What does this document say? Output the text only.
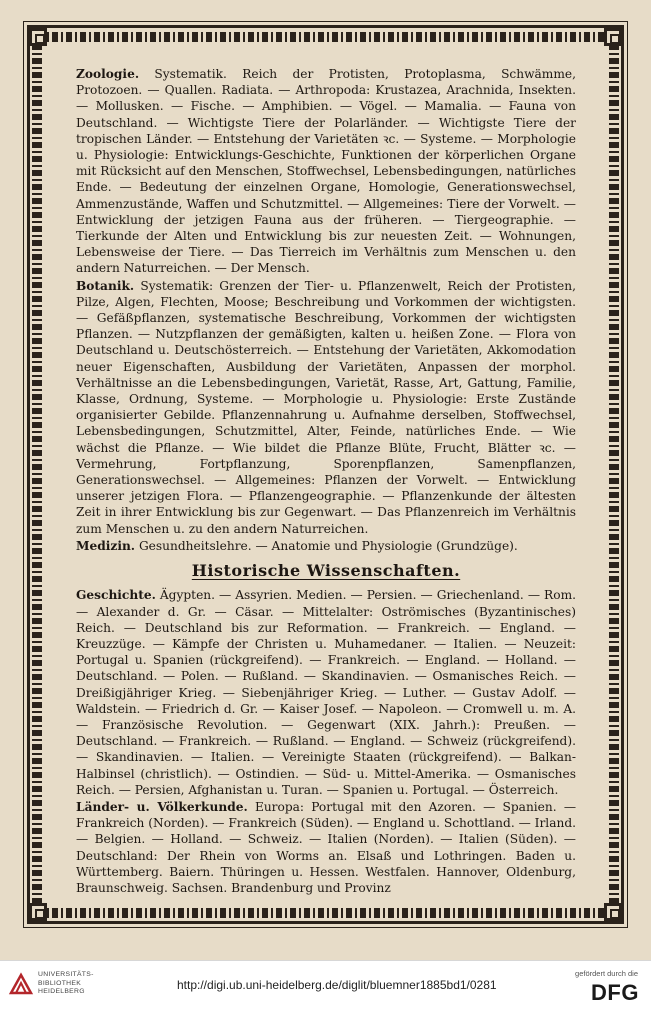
Zoologie. Systematik. Reich der Protisten, Protoplasma, Schwämme, Protozoen. — Quallen. Radiata. — Arthropoda: Krustazea, Arachnida, Insekten. — Mollusken. — Fische. — Amphibien. — Vögel. — Mamalia. — Fauna von Deutschland. — Wichtigste Tiere der Polarländer. — Wichtigste Tiere der tropischen Länder. — Entstehung der Varietäten ꝛc. — Systeme. — Morphologie u. Physiologie: Entwicklungs-Geschichte, Funktionen der körperlichen Organe mit Rücksicht auf den Menschen, Stoffwechsel, Lebensbedingungen, natürliches Ende. — Bedeutung der einzelnen Organe, Homologie, Generationswechsel, Ammenzustände, Waffen und Schutzmittel. — Allgemeines: Tiere der Vorwelt. — Entwicklung der jetzigen Fauna aus der früheren. — Tiergeographie. — Tierkunde der Alten und Entwicklung bis zur neuesten Zeit. — Wohnungen, Lebensweise der Tiere. — Das Tierreich im Verhältnis zum Menschen u. den andern Naturreichen. — Der Mensch.

Botanik. Systematik: Grenzen der Tier- u. Pflanzenwelt, Reich der Protisten, Pilze, Algen, Flechten, Moose; Beschreibung und Vorkommen der wichtigsten. — Gefäßpflanzen, systematische Beschreibung, Vorkommen der wichtigsten Pflanzen. — Nutzpflanzen der gemäßigten, kalten u. heißen Zone. — Flora von Deutschland u. Deutschösterreich. — Entstehung der Varietäten, Akkomodation neuer Eigenschaften, Ausbildung der Varietäten, Anpassen der morphol. Verhältnisse an die Lebensbedingungen, Varietät, Rasse, Art, Gattung, Familie, Klasse, Ordnung, Systeme. — Morphologie u. Physiologie: Erste Zustände organisierter Gebilde. Pflanzennahrung u. Aufnahme derselben, Stoffwechsel, Lebensbedingungen, Schutzmittel, Alter, Feinde, natürliches Ende. — Wie wächst die Pflanze. — Wie bildet die Pflanze Blüte, Frucht, Blätter ꝛc. — Vermehrung, Fortpflanzung, Sporenpflanzen, Samenpflanzen, Generationswechsel. — Allgemeines: Pflanzen der Vorwelt. — Entwicklung unserer jetzigen Flora. — Pflanzengeographie. — Pflanzenkunde der ältesten Zeit in ihrer Entwicklung bis zur Gegenwart. — Das Pflanzenreich im Verhältnis zum Menschen u. zu den andern Naturreichen.

Medizin. Gesundheitslehre. — Anatomie und Physiologie (Grundzüge).

Historische Wissenschaften.

Geschichte. Ägypten. — Assyrien. Medien. — Persien. — Griechenland. — Rom. — Alexander d. Gr. — Cäsar. — Mittelalter: Oströmisches (Byzantinisches) Reich. — Deutschland bis zur Reformation. — Frankreich. — England. — Kreuzzüge. — Kämpfe der Christen u. Muhamedaner. — Italien. — Neuzeit: Portugal u. Spanien (rückgreifend). — Frankreich. — England. — Holland. — Deutschland. — Polen. — Rußland. — Skandinavien. — Osmanisches Reich. — Dreißigjähriger Krieg. — Siebenjähriger Krieg. — Luther. — Gustav Adolf. — Waldstein. — Friedrich d. Gr. — Kaiser Josef. — Napoleon. — Cromwell u. m. A. — Französische Revolution. — Gegenwart (XIX. Jahrh.): Preußen. — Deutschland. — Frankreich. — Rußland. — England. — Schweiz (rückgreifend). — Skandinavien. — Italien. — Vereinigte Staaten (rückgreifend). — Balkan-Halbinsel (christlich). — Ostindien. — Süd- u. Mittel-Amerika. — Osmanisches Reich. — Persien, Afghanistan u. Turan. — Spanien u. Portugal. — Österreich.

Länder- u. Völkerkunde. Europa: Portugal mit den Azoren. — Spanien. — Frankreich (Norden). — Frankreich (Süden). — England u. Schottland. — Irland. — Belgien. — Holland. — Schweiz. — Italien (Norden). — Italien (Süden). — Deutschland: Der Rhein von Worms an. Elsaß und Lothringen. Baden u. Württemberg. Baiern. Thüringen u. Hessen. Westfalen. Hannover, Oldenburg, Braunschweig. Sachsen. Brandenburg und Provinz

UNIVERSITÄTS-
BIBLIOTHEK
HEIDELBERG	http://digi.ub.uni-heidelberg.de/diglit/bluemner1885bd1/0281
gefördert durch die
DFG
